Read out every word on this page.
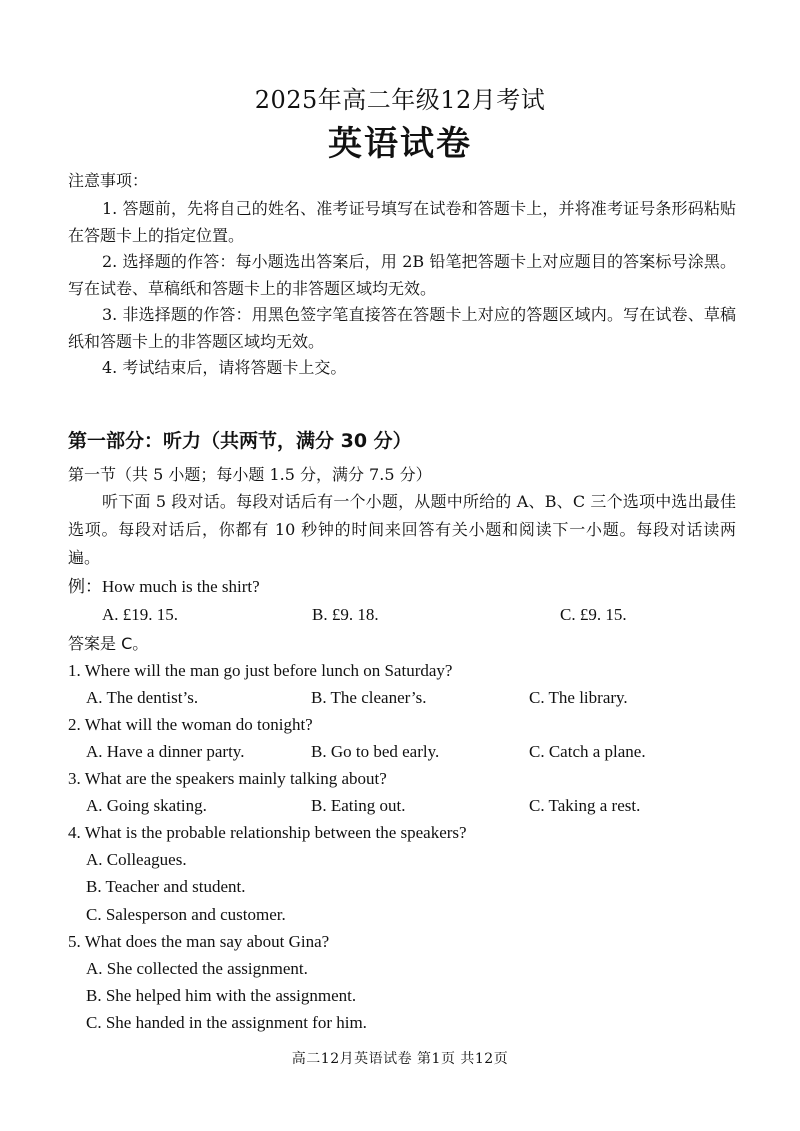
2025年高二年级12月考试
英语试卷
注意事项：

1. 答题前，先将自己的姓名、准考证号填写在试卷和答题卡上，并将准考证号条形码粘贴在答题卡上的指定位置。

2. 选择题的作答：每小题选出答案后，用 2B 铅笔把答题卡上对应题目的答案标号涂黑。写在试卷、草稿纸和答题卡上的非答题区域均无效。

3. 非选择题的作答：用黑色签字笔直接答在答题卡上对应的答题区域内。写在试卷、草稿纸和答题卡上的非答题区域均无效。

4. 考试结束后，请将答题卡上交。

第一部分：听力（共两节，满分 30 分）
第一节（共 5 小题；每小题 1.5 分，满分 7.5 分）

听下面 5 段对话。每段对话后有一个小题，从题中所给的 A、B、C 三个选项中选出最佳选项。每段对话后，你都有 10 秒钟的时间来回答有关小题和阅读下一小题。每段对话读两遍。

例：How much is the shirt?
A. £19. 15.	B. £9. 18.	C. £9. 15.
答案是 C。
1. Where will the man go just before lunch on Saturday?
A. The dentist’s.	B. The cleaner’s.	C. The library.
2. What will the woman do tonight?
A. Have a dinner party.	B. Go to bed early.	C. Catch a plane.
3. What are the speakers mainly talking about?
A. Going skating.	B. Eating out.	C. Taking a rest.
4. What is the probable relationship between the speakers?
A. Colleagues.
B. Teacher and student.
C. Salesperson and customer.
5. What does the man say about Gina?
A. She collected the assignment.
B. She helped him with the assignment.
C. She handed in the assignment for him.
高二12月英语试卷 第1页 共12页
